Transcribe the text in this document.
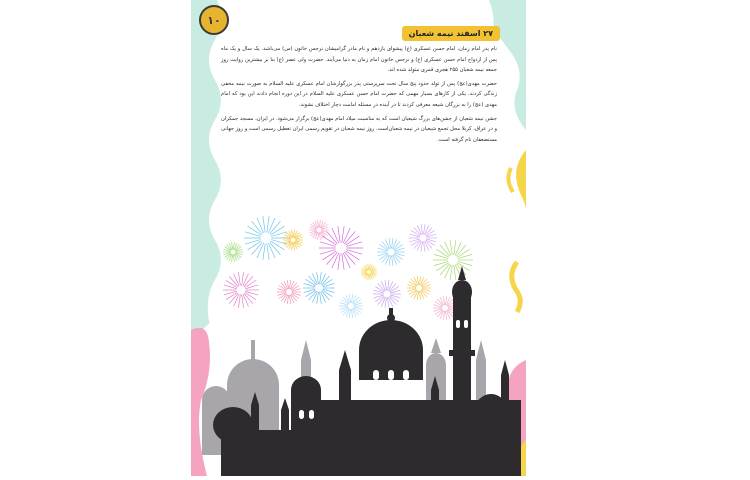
۱۰
۲۷ اسفند نیمه شعبان

نام پدر امام زمان، امام حسن عسکری (ع) پیشوای یازدهم و نام مادر گرامیشان نرجس خاتون (س) می‌باشد. یک سال و یک ماه پس از ازدواج امام حسن عسکری (ع) و نرجس خاتون امام زمان به دنیا می‌آیند. حضرت ولی عصر (ع) بنا بر بیشترین روایت روز جمعه نیمه شعبان ۲۵۵ هجری قمری متولد شده اند.

حضرت مهدی(عج) پس از تولد حدود پنج سال تحت سرپرستی پدر بزرگوارشان امام عسکری علیه السلام به صورت نیمه مخفی زندگی کردند. یکی از کارهای بسیار مهمی که حضرت امام حسن عسکری علیه السلام در این دوره انجام دادند این بود که امام مهدی (عج) را به بزرگان شیعه معرفی کردند تا در آینده در مسئله امامت دچار اختلاف نشوند.

جشن نیمه شعبان از جشن‌های بزرگ شیعیان است که به مناسبت میلاد امام مهدی(عج) برگزار می‌شود. در ایران، مسجد جمکران و در عراق، کربلا محل تجمع شیعیان در نیمه شعبان‌است. روز نیمه شعبان در تقویم رسمی ایران تعطیل رسمی است و روز جهانی مستضعفان نام گرفته است.
